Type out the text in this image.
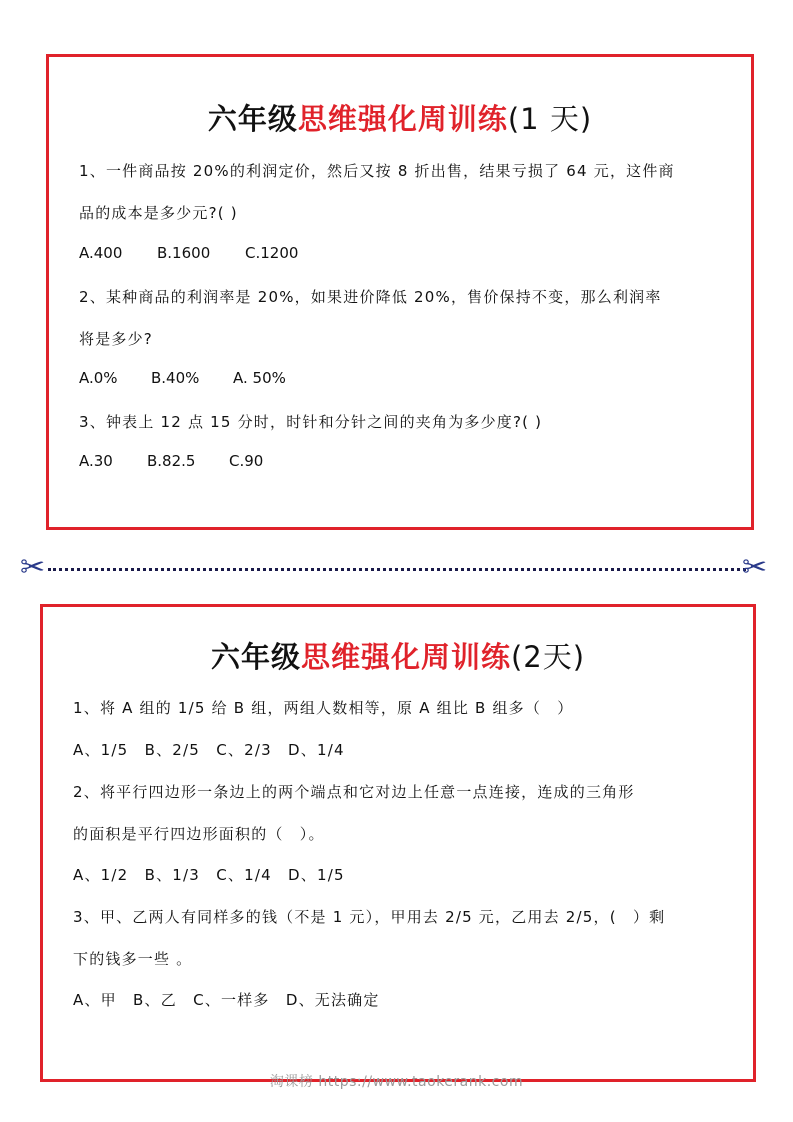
六年级思维强化周训练(1 天)
1、一件商品按 20%的利润定价，然后又按 8 折出售，结果亏损了 64 元，这件商
品的成本是多少元?( )
A.400 B.1600 C.1200
2、某种商品的利润率是 20%，如果进价降低 20%，售价保持不变，那么利润率
将是多少?
A.0% B.40% A. 50%
3、钟表上 12 点 15 分时，时针和分针之间的夹角为多少度?( )
A.30 B.82.5 C.90
✂	✂
六年级思维强化周训练(2天)
1、将 A 组的 1/5 给 B 组，两组人数相等，原 A 组比 B 组多（　）
A、1/5　B、2/5　C、2/3　D、1/4
2、将平行四边形一条边上的两个端点和它对边上任意一点连接，连成的三角形
的面积是平行四边形面积的（　）。
A、1/2　B、1/3　C、1/4　D、1/5
3、甲、乙两人有同样多的钱（不是 1 元），甲用去 2/5 元，乙用去 2/5，(　）剩
下的钱多一些 。
A、甲　B、乙　C、一样多　D、无法确定
淘课榜 https://www.taokerank.com
